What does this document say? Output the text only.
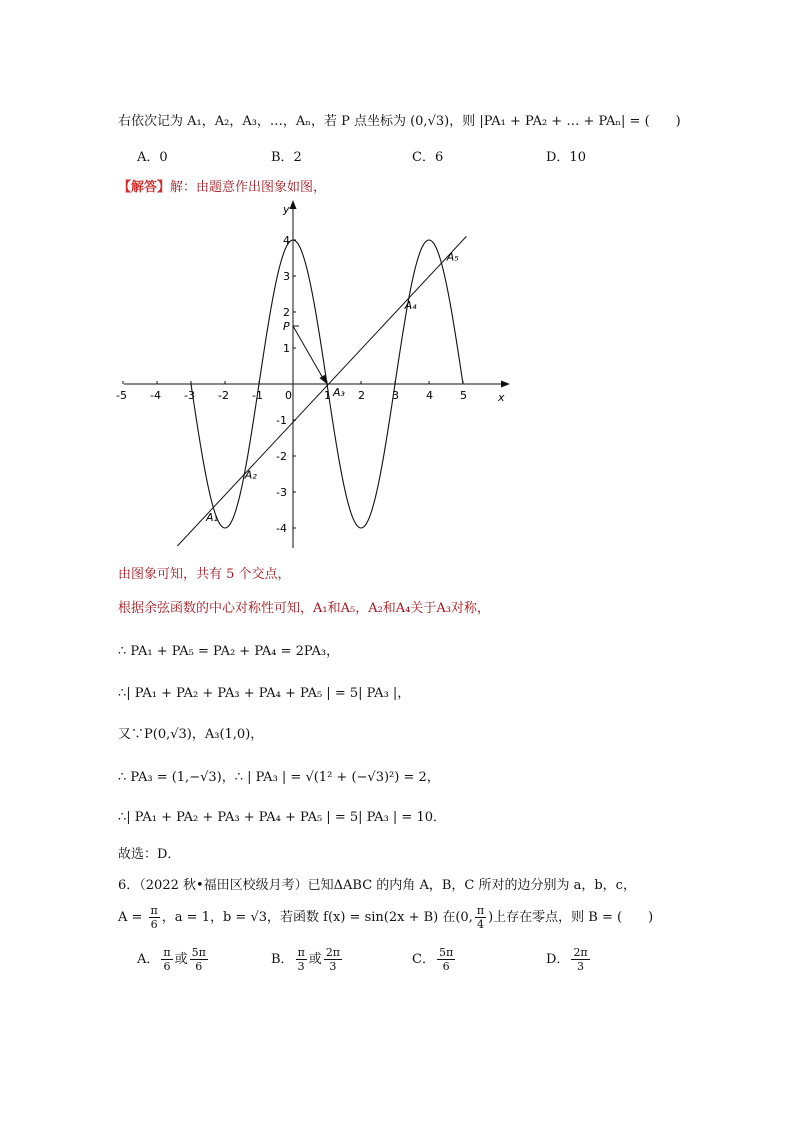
右依次记为 A₁，A₂，A₃，…，Aₙ，若 P 点坐标为 (0,√3)，则 |PA₁ + PA₂ + … + PAₙ| = (　　)
A．0	B．2	C．6	D．10
【解答】解：由题意作出图象如图，
x
y
-5 -4 -3 -2 -1 0	1 2 3 4 5
4
3
2
1
-1
-2
-3
-4
P
A₁
A₂
A₃
A₄
A₅
由图象可知，共有 5 个交点，
根据余弦函数的中心对称性可知，A₁和A₅，A₂和A₄关于A₃对称，
∴ PA₁ + PA₅ = PA₂ + PA₄ = 2PA₃，
∴| PA₁ + PA₂ + PA₃ + PA₄ + PA₅ | = 5| PA₃ |，
又∵P(0,√3)，A₃(1,0)，
∴ PA₃ = (1,−√3)，∴ | PA₃ | = √(1² + (−√3)²) = 2，
∴| PA₁ + PA₂ + PA₃ + PA₄ + PA₅ | = 5| PA₃ | = 10．
故选：D．
6．（2022 秋•福田区校级月考）已知ΔABC 的内角 A，B，C 所对的边分别为 a，b，c，
$A = \frac{\pi}{6}$ ，a = 1，b = √3，若函数 f(x) = sin(2x + B) 在(0, $\frac{\pi}{4}$ )上存在零点，则 B = (　　)
A． $\frac{\pi}{6}$ 或 $\frac{5\pi}{6}$	B． $\frac{\pi}{3}$ 或 $\frac{2\pi}{3}$	C． $\frac{5\pi}{6}$	D． $\frac{2\pi}{3}$
